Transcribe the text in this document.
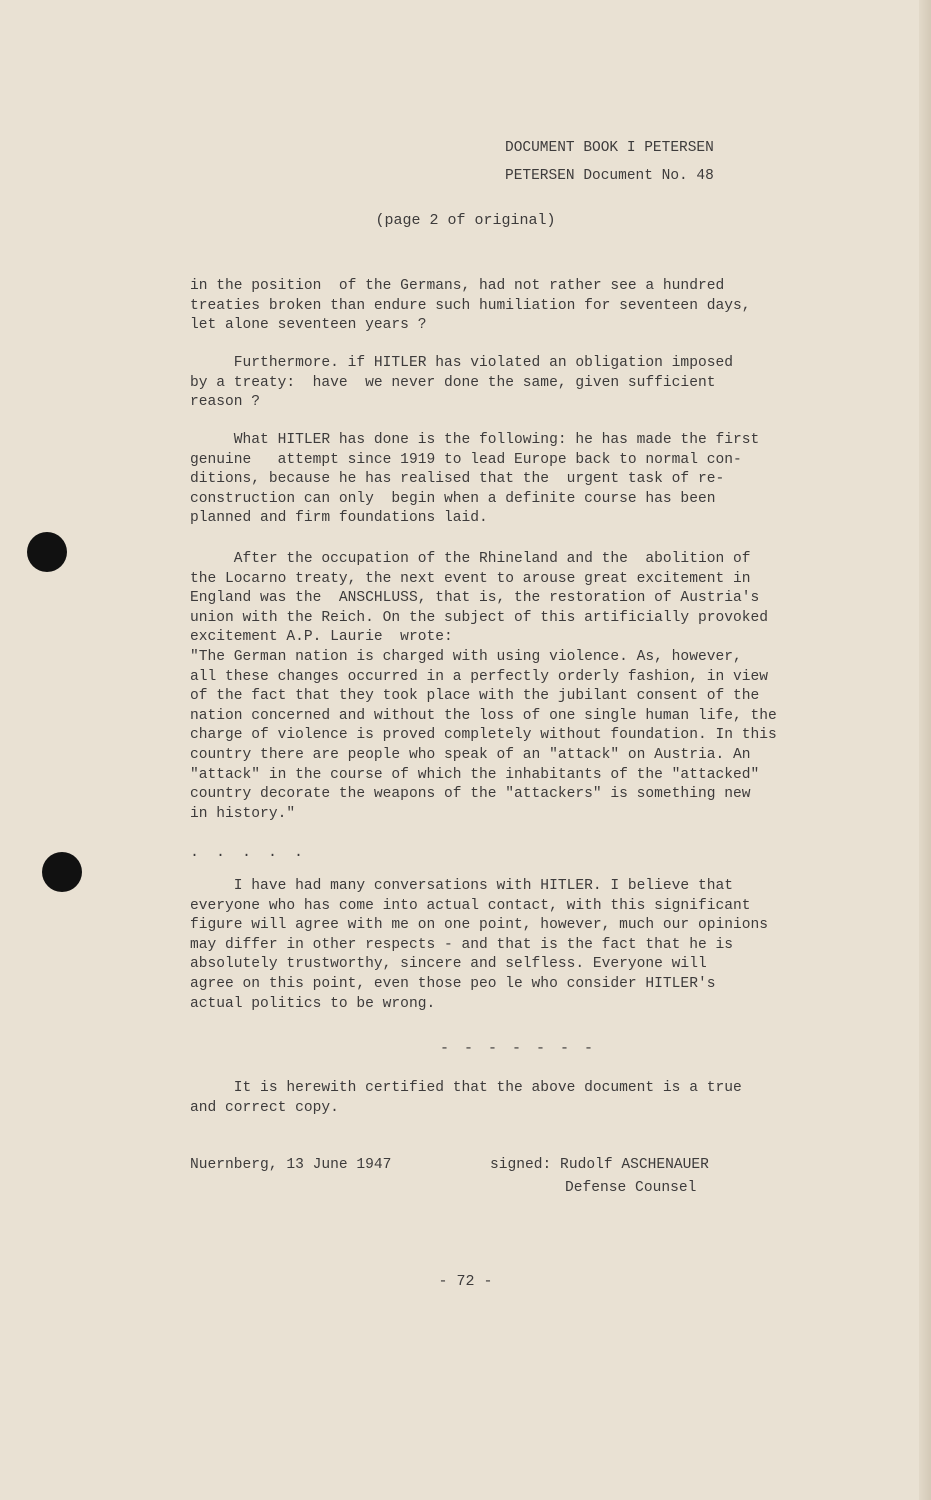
DOCUMENT BOOK I PETERSEN
PETERSEN Document No. 48
(page 2 of original)
in the position  of the Germans, had not rather see a hundred
treaties broken than endure such humiliation for seventeen days,
let alone seventeen years ?
Furthermore. if HITLER has violated an obligation imposed
by a treaty:  have  we never done the same, given sufficient
reason ?
What HITLER has done is the following: he has made the first
genuine   attempt since 1919 to lead Europe back to normal con-
ditions, because he has realised that the  urgent task of re-
construction can only  begin when a definite course has been
planned and firm foundations laid.
After the occupation of the Rhineland and the  abolition of
the Locarno treaty, the next event to arouse great excitement in
England was the  ANSCHLUSS, that is, the restoration of Austria's
union with the Reich. On the subject of this artificially provoked
excitement A.P. Laurie  wrote:
"The German nation is charged with using violence. As, however,
all these changes occurred in a perfectly orderly fashion, in view
of the fact that they took place with the jubilant consent of the
nation concerned and without the loss of one single human life, the
charge of violence is proved completely without foundation. In this
country there are people who speak of an "attack" on Austria. An
"attack" in the course of which the inhabitants of the "attacked"
country decorate the weapons of the "attackers" is something new
in history."
. . . . .
I have had many conversations with HITLER. I believe that
everyone who has come into actual contact, with this significant
figure will agree with me on one point, however, much our opinions
may differ in other respects - and that is the fact that he is
absolutely trustworthy, sincere and selfless. Everyone will
agree on this point, even those peo le who consider HITLER's
actual politics to be wrong.
- - - - - - -
It is herewith certified that the above document is a true
and correct copy.
Nuernberg, 13 June 1947	signed: Rudolf ASCHENAUER
Defense Counsel
- 72 -
